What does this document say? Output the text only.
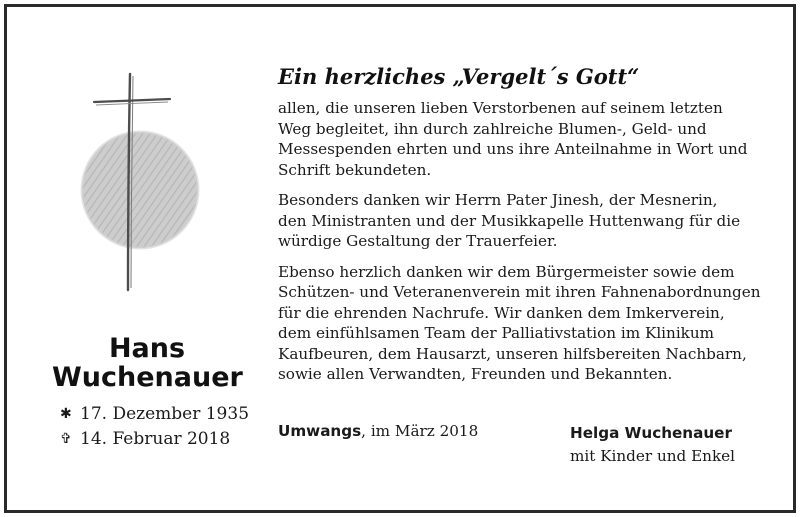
Hans
Wuchenauer
✱ 17. Dezember 1935
✞ 14. Februar 2018
Ein herzliches „Vergelt´s Gott“
allen, die unseren lieben Verstorbenen auf seinem letzten
Weg begleitet, ihn durch zahlreiche Blumen-, Geld- und
Messespenden ehrten und uns ihre Anteilnahme in Wort und
Schrift bekundeten.
Besonders danken wir Herrn Pater Jinesh, der Mesnerin,
den Ministranten und der Musikkapelle Huttenwang für die
würdige Gestaltung der Trauerfeier.
Ebenso herzlich danken wir dem Bürgermeister sowie dem
Schützen- und Veteranenverein mit ihren Fahnenabordnungen
für die ehrenden Nachrufe. Wir danken dem Imkerverein,
dem einfühlsamen Team der Palliativstation im Klinikum
Kaufbeuren, dem Hausarzt, unseren hilfsbereiten Nachbarn,
sowie allen Verwandten, Freunden und Bekannten.
Umwangs, im März 2018	Helga Wuchenauer
mit Kinder und Enkel
